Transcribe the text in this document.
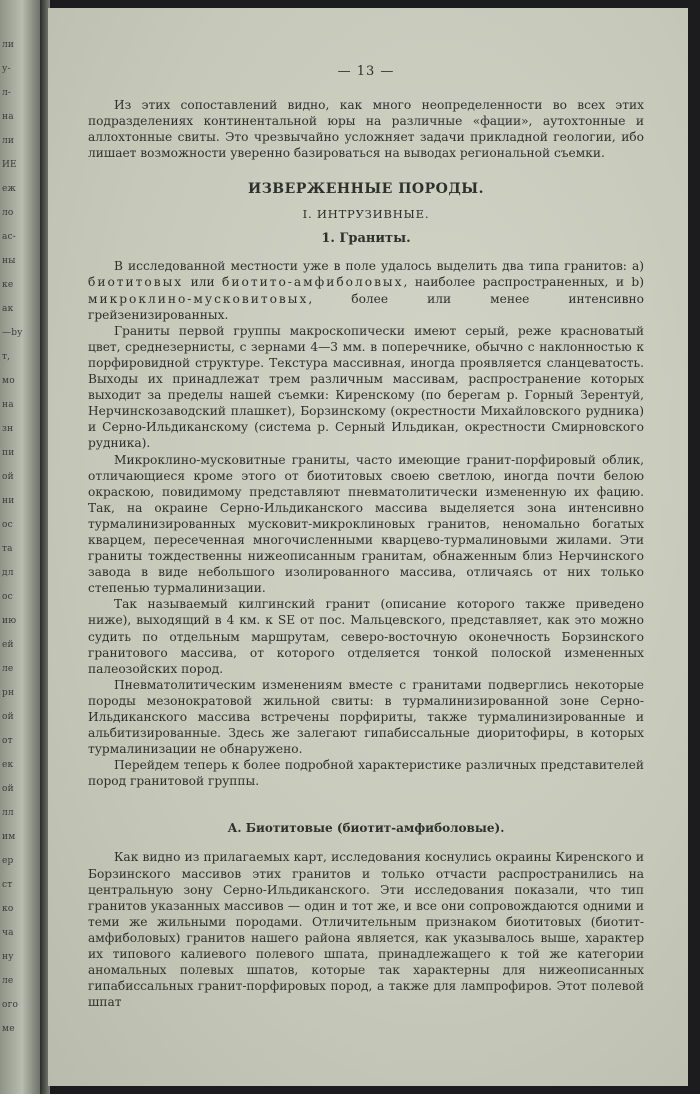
ли
у-
л-
на
ли
ИЕ
еж
ло
ас-
ны
ке
ак
—bу
т,
мо
на
зн
пи
ой
ни
ос
та
дл
ос
ию
ей
ле
рн
ой
от
ек
ой
лл
им
ер
ст
ко
ча
ну
ле
ого
ме
— 13 —

Из этих сопоставлений видно, как много неопределенности во всех этих подразделениях континентальной юры на различные «фации», аутохтонные и аллохтонные свиты. Это чрезвычайно усложняет задачи прикладной геологии, ибо лишает возможности уверенно базироваться на выводах региональной съемки.

ИЗВЕРЖЕННЫЕ ПОРОДЫ.
I. ИНТРУЗИВНЫЕ.
1. Граниты.

В исследованной местности уже в поле удалось выделить два типа гранитов: a) биотитовых или биотито-амфиболовых, наиболее распространенных, и b) микроклино-мусковитовых, более или менее интенсивно грейзенизированных.

Граниты первой группы макроскопически имеют серый, реже красноватый цвет, среднезернисты, с зернами 4—3 мм. в поперечнике, обычно с наклонностью к порфировидной структуре. Текстура массивная, иногда проявляется сланцеватость. Выходы их принадлежат трем различным массивам, распространение которых выходит за пределы нашей съемки: Киренскому (по берегам р. Горный Зерентуй, Нерчинскозаводский плашкет), Борзинскому (окрестности Михайловского рудника) и Серно-Ильдиканскому (система р. Серный Ильдикан, окрестности Смирновского рудника).

Микроклино-мусковитные граниты, часто имеющие гранит-порфировый облик, отличающиеся кроме этого от биотитовых своею светлою, иногда почти белою окраскою, повидимому представляют пневматолитически измененную их фацию. Так, на окраине Серно-Ильдиканского массива выделяется зона интенсивно турмалинизированных мусковит-микроклиновых гранитов, неномально богатых кварцем, пересеченная многочисленными кварцево-турмалиновыми жилами. Эти граниты тождественны нижеописанным гранитам, обнаженным близ Нерчинского завода в виде небольшого изолированного массива, отличаясь от них только степенью турмалинизации.

Так называемый килгинский гранит (описание которого также приведено ниже), выходящий в 4 км. к SE от пос. Мальцевского, представляет, как это можно судить по отдельным маршрутам, северо-восточную оконечность Борзинского гранитового массива, от которого отделяется тонкой полоской измененных палеозойских пород.

Пневматолитическим изменениям вместе с гранитами подверглись некоторые породы мезонократовой жильной свиты: в турмалинизированной зоне Серно-Ильдиканского массива встречены порфириты, также турмалинизированные и альбитизированные. Здесь же залегают гипабиссальные диоритофиры, в которых турмалинизации не обнаружено.

Перейдем теперь к более подробной характеристике различных представителей пород гранитовой группы.

А. Биотитовые (биотит-амфиболовые).

Как видно из прилагаемых карт, исследования коснулись окраины Киренского и Борзинского массивов этих гранитов и только отчасти распространились на центральную зону Серно-Ильдиканского. Эти исследования показали, что тип гранитов указанных массивов — один и тот же, и все они сопровождаются одними и теми же жильными породами. Отличительным признаком биотитовых (биотит-амфиболовых) гранитов нашего района является, как указывалось выше, характер их типового калиевого полевого шпата, принадлежащего к той же категории аномальных полевых шпатов, которые так характерны для нижеописанных гипабиссальных гранит-порфировых пород, а также для лампрофиров. Этот полевой шпат
